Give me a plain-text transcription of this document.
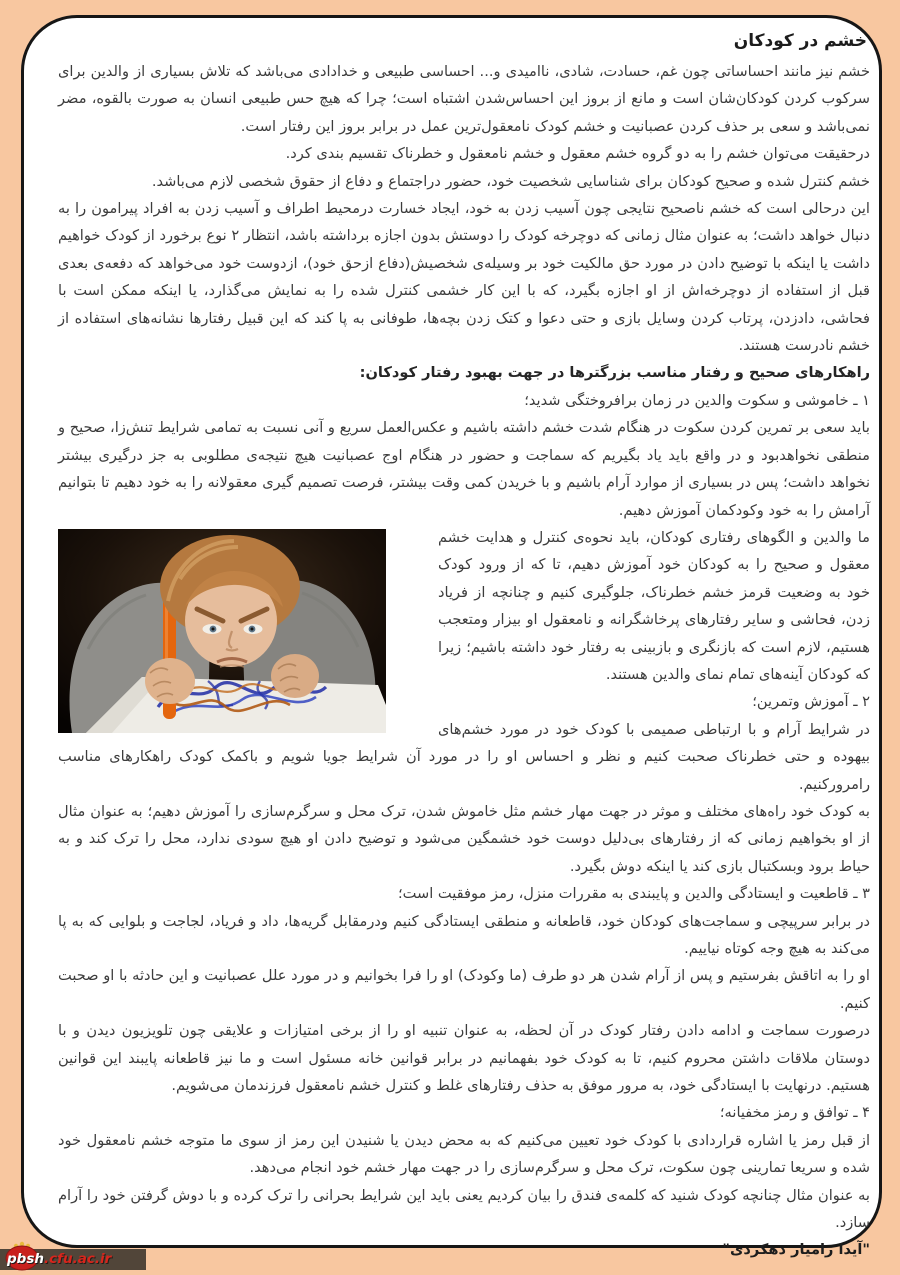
خشم در کودکان

خشم نیز مانند احساساتی چون غم، حسادت، شادی، ناامیدی و... احساسی طبیعی و خدادادی می‌باشد که تلاش بسیاری از والدین برای سرکوب کردن کودکان‌شان است و مانع از بروز این احساس‌شدن اشتباه است؛ چرا که هیچ حس طبیعی انسان به صورت بالقوه، مضر نمی‌باشد و سعی بر حذف کردن عصبانیت و خشم کودک نامعقول‌ترین عمل در برابر بروز این رفتار است.

درحقیقت می‌توان خشم را به دو گروه خشم معقول و خشم نامعقول و خطرناک تقسیم بندی کرد.

خشم کنترل شده و صحیح کودکان برای شناسایی شخصیت خود، حضور دراجتماع و دفاع از حقوق شخصی لازم می‌باشد.

این درحالی است که خشم ناصحیح نتایجی چون آسیب زدن به خود، ایجاد خسارت درمحیط اطراف و آسیب زدن به افراد پیرامون را به دنبال خواهد داشت؛ به عنوان مثال زمانی که دوچرخه کودک را دوستش بدون اجازه برداشته باشد، انتظار ۲ نوع برخورد از کودک خواهیم داشت یا اینکه با توضیح دادن در مورد حق مالکیت خود بر وسیله‌ی شخصیش(دفاع ازحق خود)، ازدوست خود می‌خواهد که دفعه‌ی بعدی قبل از استفاده از دوچرخه‌اش از او اجازه بگیرد، که با این کار خشمی کنترل شده را به نمایش می‌گذارد، یا اینکه ممکن است با فحاشی، دادزدن، پرتاب کردن وسایل بازی و حتی دعوا و کتک زدن بچه‌ها، طوفانی به پا کند که این قبیل رفتارها نشانه‌های استفاده از خشم نادرست هستند.

راهکارهای صحیح و رفتار مناسب بزرگترها در جهت بهبود رفتار کودکان:

۱ ـ خاموشی و سکوت والدین در زمان برافروختگی شدید؛

باید سعی بر تمرین کردن سکوت در هنگام شدت خشم داشته باشیم و عکس‌العمل سریع و آنی نسبت به تمامی شرایط تنش‌زا، صحیح و منطقی نخواهدبود و در واقع باید یاد بگیریم که سماجت و حضور در هنگام اوج عصبانیت هیچ نتیجه‌ی مطلوبی به جز درگیری بیشتر نخواهد داشت؛ پس در بسیاری از موارد آرام باشیم و با خریدن کمی وقت بیشتر، فرصت تصمیم گیری معقولانه را به خود دهیم تا بتوانیم آرامش را به خود وکودکمان آموزش دهیم.

ما والدین و الگوهای رفتاری کودکان، باید نحوه‌ی کنترل و هدایت خشم معقول و صحیح را به کودکان خود آموزش دهیم، تا که از ورود کودک خود به وضعیت قرمز خشم خطرناک، جلوگیری کنیم و چنانچه از فریاد زدن، فحاشی و سایر رفتارهای پرخاشگرانه و نامعقول او بیزار ومتعجب هستیم، لازم است که بازنگری و بازبینی به رفتار خود داشته باشیم؛ زیرا که کودکان آینه‌های تمام نمای والدین هستند.

۲ ـ آموزش وتمرین؛

در شرایط آرام و با ارتباطی صمیمی با کودک خود در مورد خشم‌های بیهوده و حتی خطرناک صحبت کنیم و نظر و احساس او را در مورد آن شرایط جویا شویم و باکمک کودک راهکارهای مناسب رامرورکنیم.

به کودک خود راه‌های مختلف و موثر در جهت مهار خشم مثل خاموش شدن، ترک محل و سرگرم‌سازی را آموزش دهیم؛ به عنوان مثال از او بخواهیم زمانی که از رفتارهای بی‌دلیل دوست خود خشمگین می‌شود و توضیح دادن او هیچ سودی ندارد، محل را ترک کند و به حیاط برود وبسکتبال بازی کند یا اینکه دوش بگیرد.

۳ ـ قاطعیت و ایستادگی والدین و پایبندی به مقررات منزل، رمز موفقیت است؛

در برابر سرپیچی و سماجت‌های کودکان خود، قاطعانه و منطقی ایستادگی کنیم ودرمقابل گریه‌ها، داد و فریاد، لجاجت و بلوایی که به پا می‌کند به هیچ وجه کوتاه نیاییم.

او را به اتاقش بفرستیم و پس از آرام شدن هر دو طرف (ما وکودک) او را فرا بخوانیم و در مورد علل عصبانیت و این حادثه با او صحبت کنیم.

درصورت سماجت و ادامه دادن رفتار کودک در آن لحظه، به عنوان تنبیه او را از برخی امتیازات و علایقی چون تلویزیون دیدن و با دوستان ملاقات داشتن محروم کنیم، تا به کودک خود بفهمانیم در برابر قوانین خانه مسئول است و ما نیز قاطعانه پایبند این قوانین هستیم. درنهایت با ایستادگی خود، به مرور موفق به حذف رفتارهای غلط و کنترل خشم نامعقول فرزندمان می‌شویم.

۴ ـ توافق و رمز مخفیانه؛

از قبل رمز یا اشاره قراردادی با کودک خود تعیین می‌کنیم که به محض دیدن یا شنیدن این رمز از سوی ما متوجه خشم نامعقول خود شده و سریعا تمارینی چون سکوت، ترک محل و سرگرم‌سازی را در جهت مهار خشم خود انجام می‌دهد.

به عنوان مثال چنانچه کودک شنید که کلمه‌ی فندق را بیان کردیم یعنی باید این شرایط بحرانی را ترک کرده و با دوش گرفتن خود را آرام سازد.

"آیدا رامیار دهکردی"

pbsh.cfu.ac.ir
